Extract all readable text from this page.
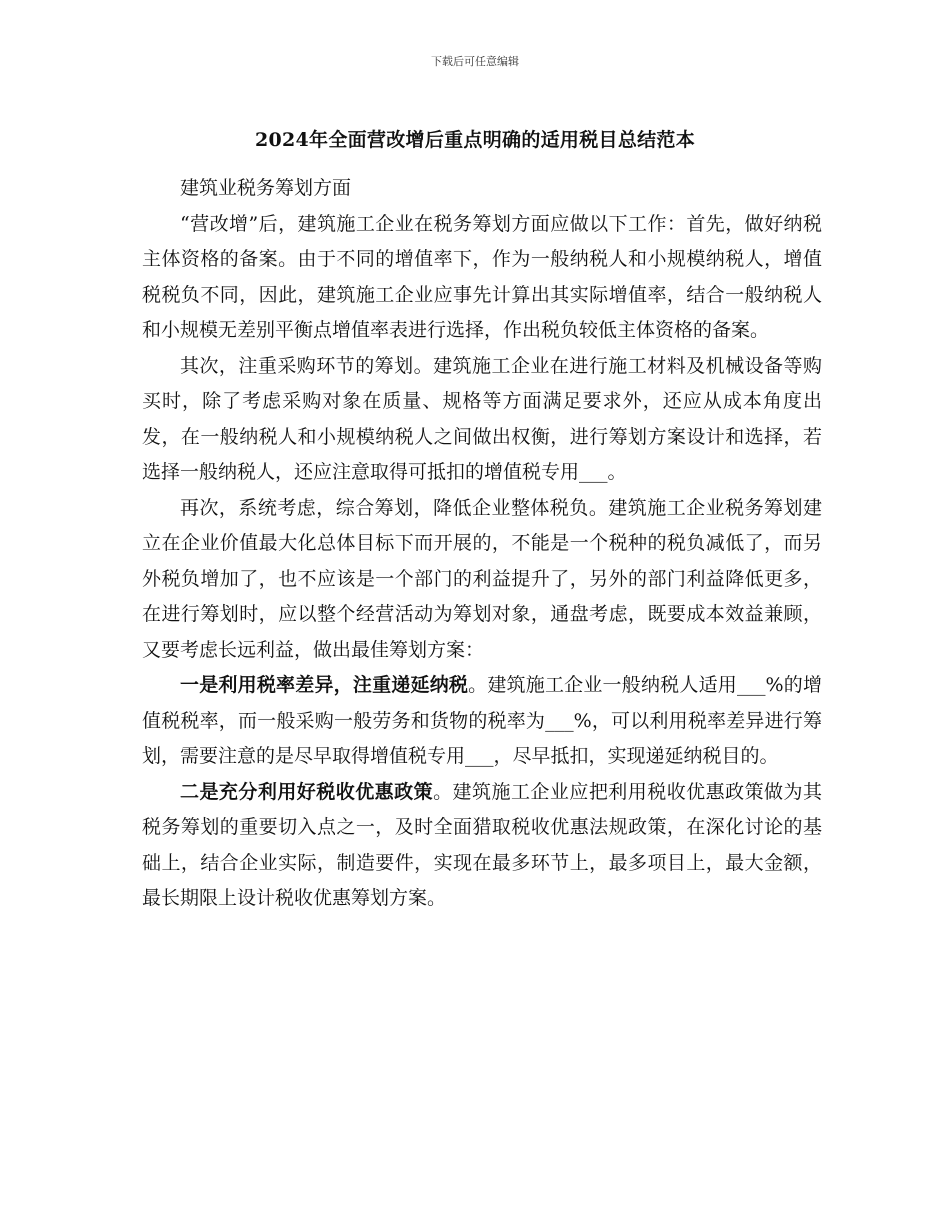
下载后可任意编辑
2024年全面营改增后重点明确的适用税目总结范本

建筑业税务筹划方面

“营改增”后，建筑施工企业在税务筹划方面应做以下工作：首先，做好纳税主体资格的备案。由于不同的增值率下，作为一般纳税人和小规模纳税人，增值税税负不同，因此，建筑施工企业应事先计算出其实际增值率，结合一般纳税人和小规模无差别平衡点增值率表进行选择，作出税负较低主体资格的备案。

其次，注重采购环节的筹划。建筑施工企业在进行施工材料及机械设备等购买时，除了考虑采购对象在质量、规格等方面满足要求外，还应从成本角度出发，在一般纳税人和小规模纳税人之间做出权衡，进行筹划方案设计和选择，若选择一般纳税人，还应注意取得可抵扣的增值税专用___。

再次，系统考虑，综合筹划，降低企业整体税负。建筑施工企业税务筹划建立在企业价值最大化总体目标下而开展的，不能是一个税种的税负减低了，而另外税负增加了，也不应该是一个部门的利益提升了，另外的部门利益降低更多，在进行筹划时，应以整个经营活动为筹划对象，通盘考虑，既要成本效益兼顾，又要考虑长远利益，做出最佳筹划方案：

一是利用税率差异，注重递延纳税。建筑施工企业一般纳税人适用___%的增值税税率，而一般采购一般劳务和货物的税率为___%，可以利用税率差异进行筹划，需要注意的是尽早取得增值税专用___，尽早抵扣，实现递延纳税目的。

二是充分利用好税收优惠政策。建筑施工企业应把利用税收优惠政策做为其税务筹划的重要切入点之一，及时全面猎取税收优惠法规政策，在深化讨论的基础上，结合企业实际，制造要件，实现在最多环节上，最多项目上，最大金额，最长期限上设计税收优惠筹划方案。
